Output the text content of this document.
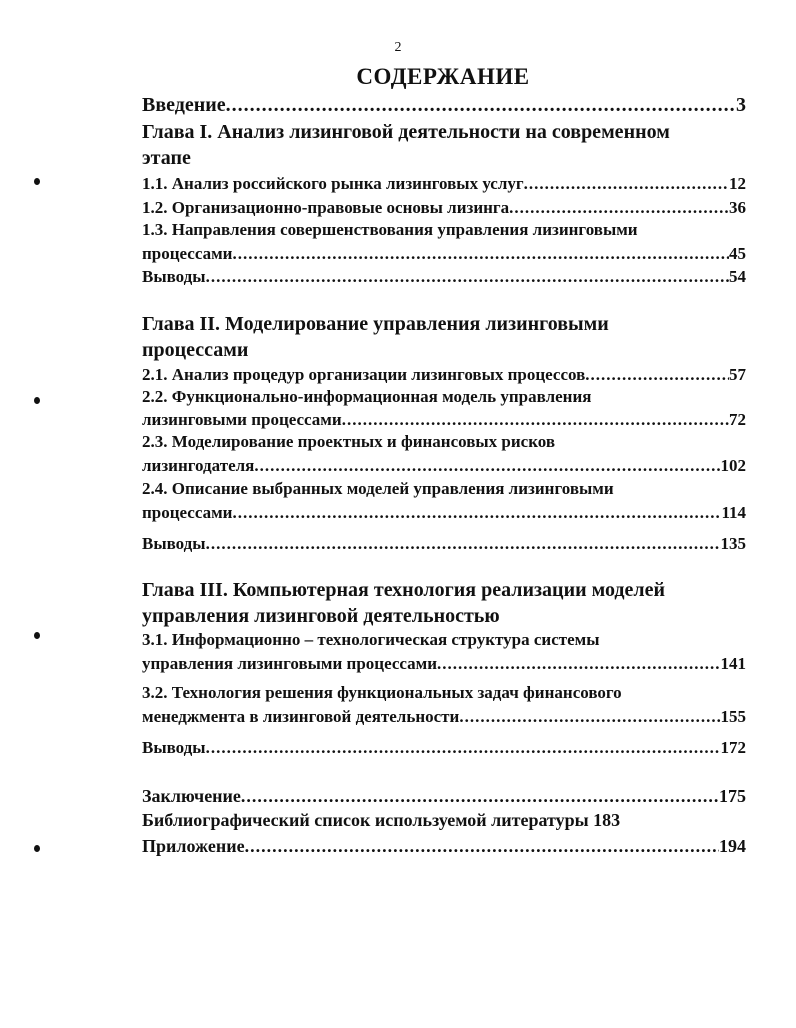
2
СОДЕРЖАНИЕ
Введение .....	3
Глава I. Анализ лизинговой деятельности на современном
этапе
1.1. Анализ российского рынка лизинговых услуг .....	12
1.2. Организационно-правовые основы лизинга .....	36
1.3. Направления совершенствования управления лизинговыми
процессами .....	45
Выводы .....	54
Глава II. Моделирование управления лизинговыми
процессами
2.1. Анализ процедур организации лизинговых процессов .....	57
2.2. Функционально-информационная модель управления
лизинговыми процессами .....	72
2.3. Моделирование проектных и финансовых рисков
лизингодателя .....	102
2.4. Описание выбранных моделей управления лизинговыми
процессами .....	114
Выводы .....	135
Глава III. Компьютерная технология реализации моделей
управления лизинговой деятельностью
3.1. Информационно – технологическая структура системы
управления лизинговыми процессами .....	141
3.2. Технология решения функциональных задач финансового
менеджмента в лизинговой деятельности .....	155
Выводы .....	172
Заключение .....	175
Библиографический список используемой литературы 183
Приложение .....	194
